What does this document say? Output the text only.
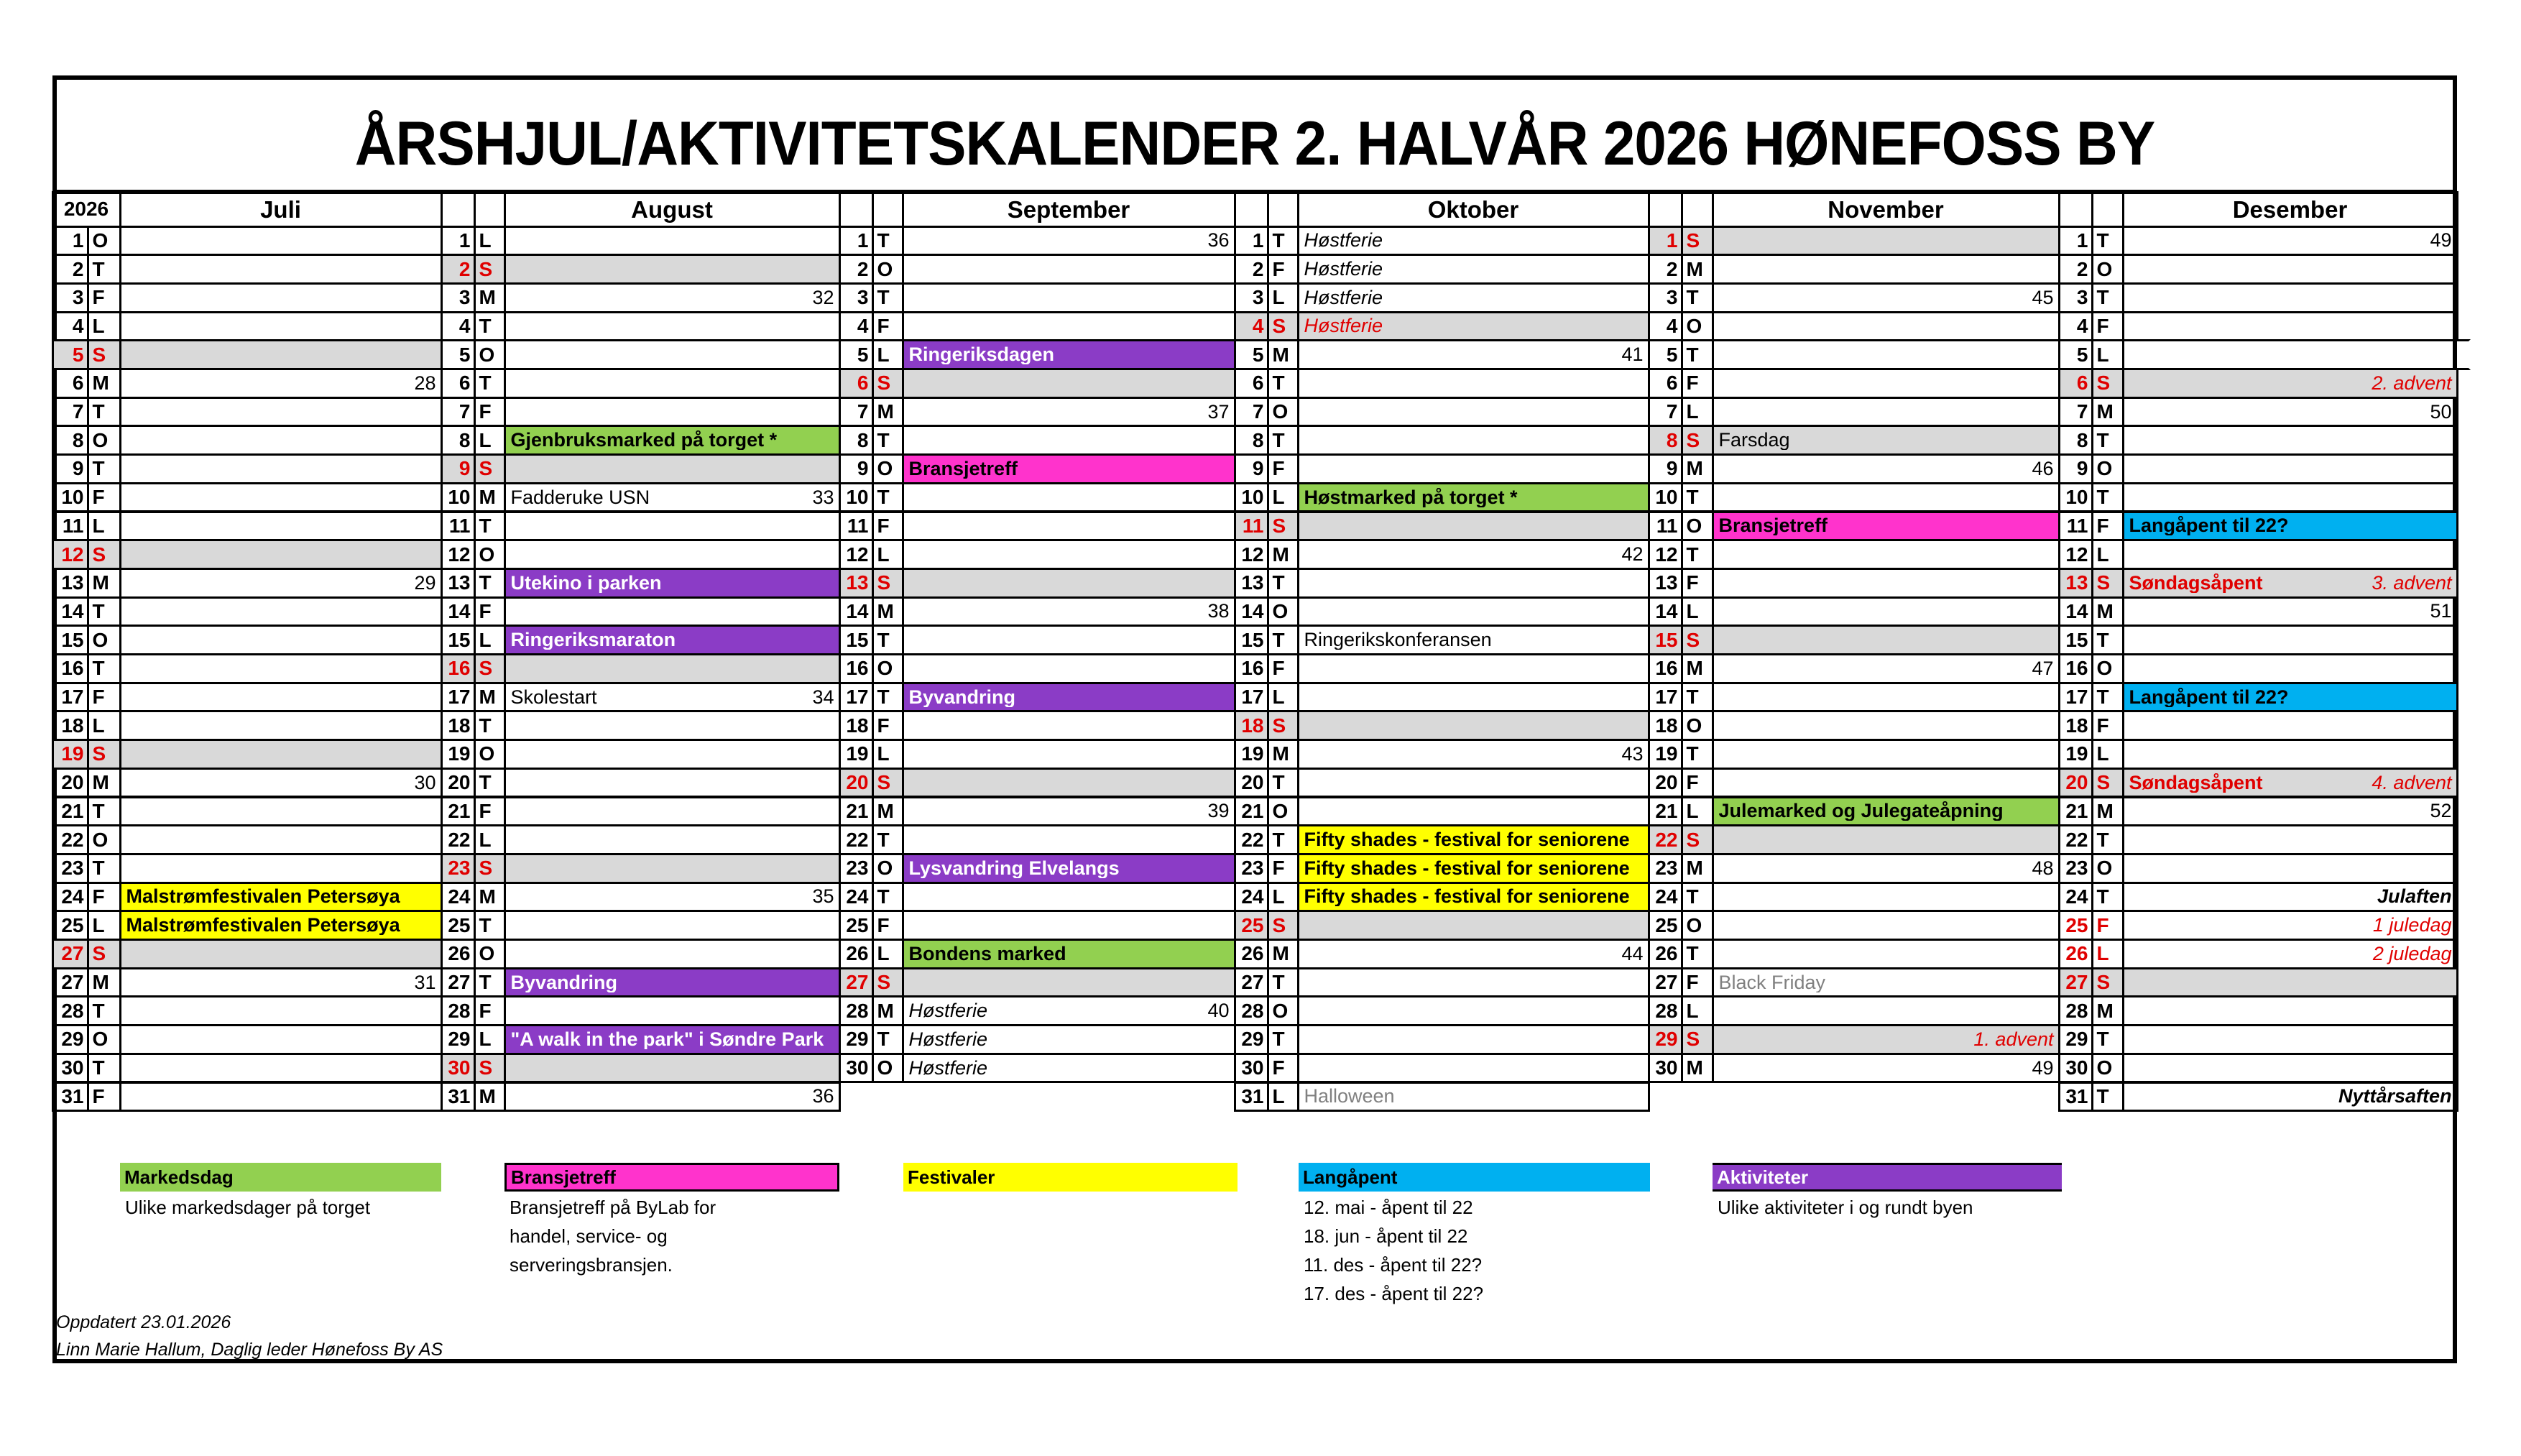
ÅRSHJUL/AKTIVITETSKALENDER 2. HALVÅR 2026 HØNEFOSS BY
2026	Juli
1 O
2 T
3 F
4 L
5 S
6 M	28
7 T
8 O
9 T
10 F
11 L
12 S
13 M	29
14 T
15 O
16 T
17 F
18 L
19 S
20 M	30
21 T
22 O
23 T
24 F	Malstrømfestivalen Petersøya
25 L	Malstrømfestivalen Petersøya
27 S
27 M	31
28 T
29 O
30 T
31 F
August
1 L
2 S
3 M	32
4 T
5 O
6 T
7 F
8 L Gjenbruksmarked på torget *
9 S
10 M Fadderuke USN	33
11 T
12 O
13 T Utekino i parken
14 F
15 L Ringeriksmaraton
16 S
17 M Skolestart	34
18 T
19 O
20 T
21 F
22 L
23 S
24 M	35
25 T
26 O
27 T Byvandring
28 F
29 L "A walk in the park" i Søndre Park
30 S
31 M	36
September
1 T	36
2 O
3 T
4 F
5 L Ringeriksdagen
6 S
7 M	37
8 T
9 O Bransjetreff
10 T
11 F
12 L
13 S
14 M	38
15 T
16 O
17 T Byvandring
18 F
19 L
20 S
21 M	39
22 T
23 O Lysvandring Elvelangs
24 T
25 F
26 L Bondens marked
27 S
28 M Høstferie	40
29 T Høstferie
30 O Høstferie
Oktober
1 T Høstferie
2 F Høstferie
3 L Høstferie
4 S Høstferie
5 M	41
6 T
7 O
8 T
9 F
10 L Høstmarked på torget *
11 S
12 M	42
13 T
14 O
15 T Ringerikskonferansen
16 F
17 L
18 S
19 M	43
20 T
21 O
22 T Fifty shades - festival for seniorene
23 F Fifty shades - festival for seniorene
24 L Fifty shades - festival for seniorene
25 S
26 M	44
27 T
28 O
29 T
30 F
31 L Halloween
November
1 S
2 M
3 T	45
4 O
5 T
6 F
7 L
8 S Farsdag
9 M	46
10 T
11 O Bransjetreff
12 T
13 F
14 L
15 S
16 M	47
17 T
18 O
19 T
20 F
21 L	Julemarked og Julegateåpning
22 S
23 M	48
24 T
25 O
26 T
27 F	Black Friday
28 L
29 S	1. advent
30 M	49
Desember
1 T	49
2 O
3 T
4 F
5 L
6 S	2. advent
7 M	50
8 T
9 O
10 T
11 F	Langåpent til 22?
12 L
13 S Søndagsåpent	3. advent
14 M	51
15 T
16 O
17 T	Langåpent til 22?
18 F
19 L
20 S Søndagsåpent	4. advent
21 M	52
22 T
23 O
24 T	Julaften
25 F	1 juledag
26 L	2 juledag
27 S
28 M
29 T
30 O
31 T	Nyttårsaften
Markedsdag
Ulike markedsdager på torget
Bransjetreff
Bransjetreff på ByLab for
handel, service- og
serveringsbransjen.
Festivaler	Langåpent
12. mai - åpent til 22
18. jun - åpent til 22
11. des - åpent til 22?
17. des - åpent til 22?
Aktiviteter
Ulike aktiviteter i og rundt byen
Oppdatert 23.01.2026
Linn Marie Hallum, Daglig leder Hønefoss By AS
